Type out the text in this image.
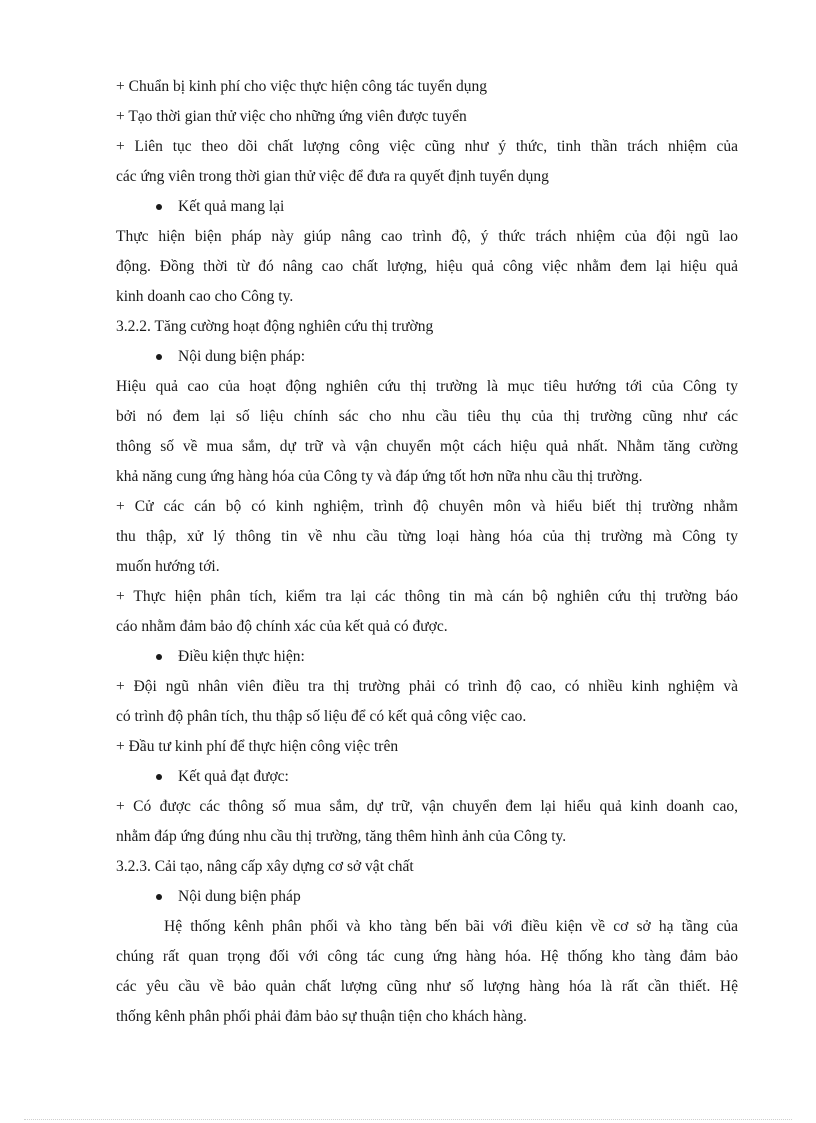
+ Chuẩn bị kinh phí cho việc thực hiện công tác tuyển dụng
+ Tạo thời gian thử việc cho những ứng viên được tuyển
+ Liên tục theo dõi chất lượng công việc cũng như ý thức, tinh thần trách nhiệm của
các ứng viên trong thời gian thử việc để đưa ra quyết định tuyển dụng
Kết quả mang lại
Thực hiện biện pháp này giúp nâng cao trình độ, ý thức trách nhiệm của đội ngũ lao
động. Đồng thời từ đó nâng cao chất lượng, hiệu quả công việc nhằm đem lại hiệu quả
kinh doanh cao cho Công ty.
3.2.2. Tăng cường hoạt động nghiên cứu thị trường
Nội dung biện pháp:
Hiệu quả cao của hoạt động nghiên cứu thị trường là mục tiêu hướng tới của Công ty
bởi nó đem lại số liệu chính sác cho nhu cầu tiêu thụ của thị trường cũng như các
thông số về mua sắm, dự trữ và vận chuyển một cách hiệu quả nhất. Nhằm tăng cường
khả năng cung ứng hàng hóa của Công ty và đáp ứng tốt hơn nữa nhu cầu thị trường.
+ Cử các cán bộ có kinh nghiệm, trình độ chuyên môn và hiểu biết thị trường nhằm
thu thập, xử lý thông tin về nhu cầu từng loại hàng hóa của thị trường mà Công ty
muốn hướng tới.
+ Thực hiện phân tích, kiểm tra lại các thông tin mà cán bộ nghiên cứu thị trường báo
cáo nhằm đảm bảo độ chính xác của kết quả có được.
Điều kiện thực hiện:
+ Đội ngũ nhân viên điều tra thị trường phải có trình độ cao, có nhiều kinh nghiệm và
có trình độ phân tích, thu thập số liệu để có kết quả công việc cao.
+ Đầu tư kinh phí để thực hiện công việc trên
Kết quả đạt được:
+ Có được các thông số mua sắm, dự trữ, vận chuyển đem lại hiểu quả kinh doanh cao,
nhằm đáp ứng đúng nhu cầu thị trường, tăng thêm hình ảnh của Công ty.
3.2.3. Cải tạo, nâng cấp xây dựng cơ sở vật chất
Nội dung biện pháp
Hệ thống kênh phân phối và kho tàng bến bãi với điều kiện về cơ sở hạ tầng của
chúng rất quan trọng đối với công tác cung ứng hàng hóa. Hệ thống kho tàng đảm bảo
các yêu cầu về bảo quản chất lượng cũng như số lượng hàng hóa là rất cần thiết. Hệ
thống kênh phân phối phải đảm bảo sự thuận tiện cho khách hàng.
